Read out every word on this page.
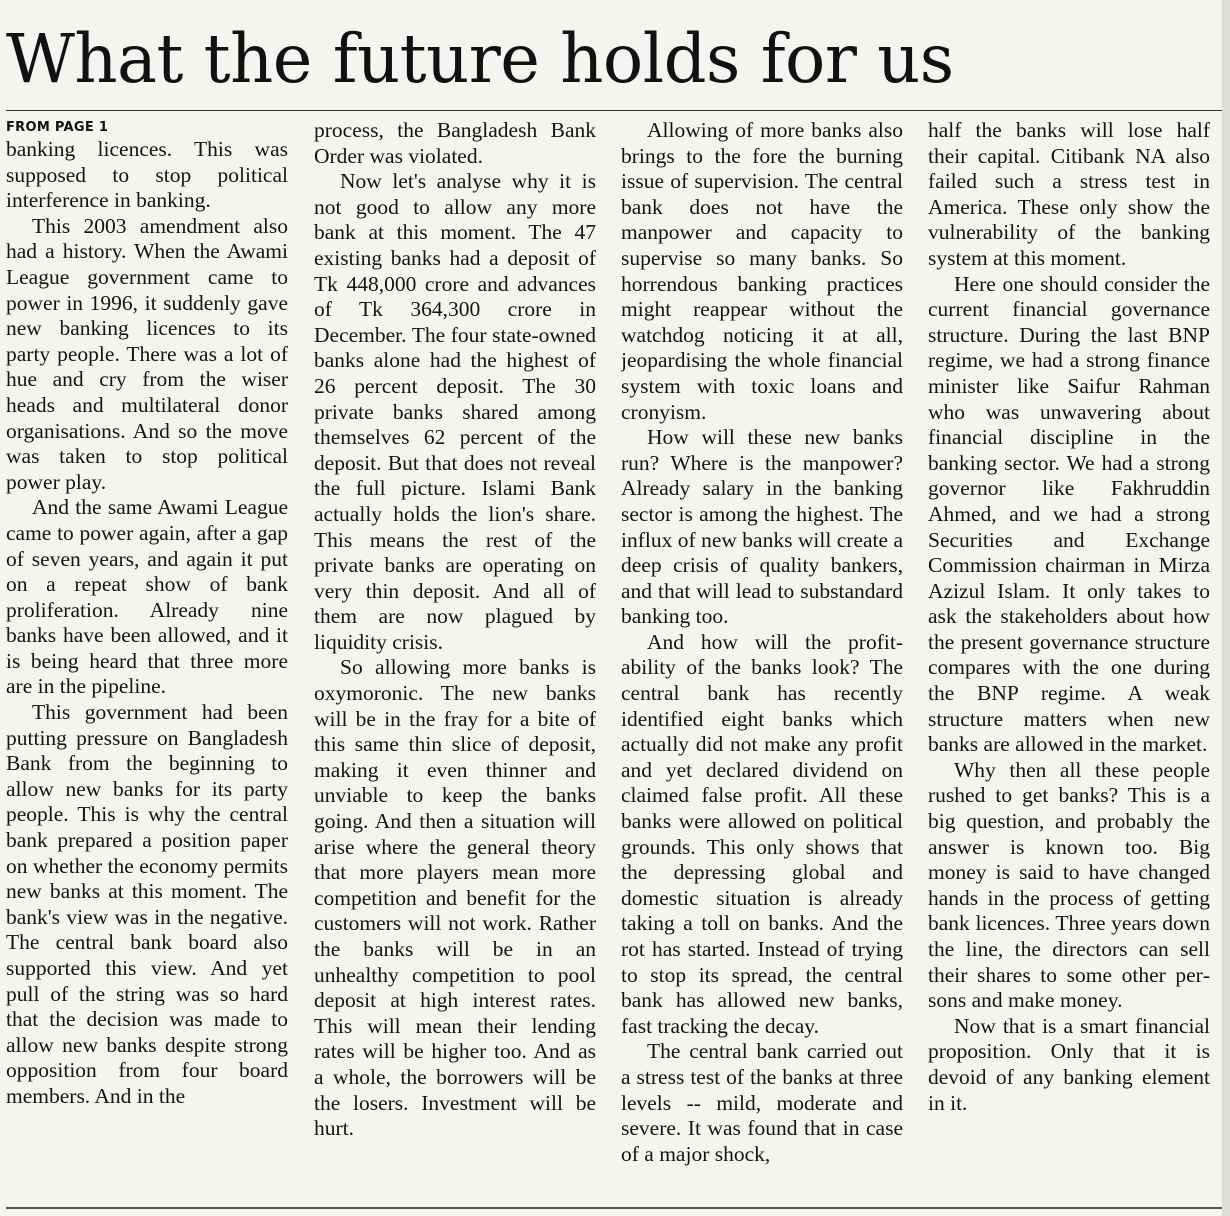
What the future holds for us
FROM PAGE 1

banking licences. This was supposed to stop political interference in banking.

This 2003 amendment also had a history. When the Awami League government came to power in 1996, it suddenly gave new banking licences to its party people. There was a lot of hue and cry from the wiser heads and multilateral donor organisations. And so the move was taken to stop political power play.

And the same Awami League came to power again, after a gap of seven years, and again it put on a repeat show of bank proliferation. Already nine banks have been allowed, and it is being heard that three more are in the pipeline.

This government had been putting pressure on Bangladesh Bank from the beginning to allow new banks for its party people. This is why the central bank prepared a position paper on whether the economy permits new banks at this moment. The bank's view was in the negative. The central bank board also supported this view. And yet pull of the string was so hard that the decision was made to allow new banks despite strong opposition from four board members. And in the

process, the Bangladesh Bank Order was violated.

Now let's analyse why it is not good to allow any more bank at this moment. The 47 existing banks had a deposit of Tk 448,000 crore and advances of Tk 364,300 crore in December. The four state-owned banks alone had the highest of 26 percent deposit. The 30 private banks shared among themselves 62 percent of the deposit. But that does not reveal the full picture. Islami Bank actually holds the lion's share. This means the rest of the private banks are operating on very thin deposit. And all of them are now plagued by liquidity crisis.

So allowing more banks is oxymoronic. The new banks will be in the fray for a bite of this same thin slice of deposit, making it even thinner and unviable to keep the banks going. And then a situation will arise where the general theory that more players mean more competition and benefit for the customers will not work. Rather the banks will be in an unhealthy competition to pool deposit at high interest rates. This will mean their lending rates will be higher too. And as a whole, the borrowers will be the losers. Investment will be hurt.

Allowing of more banks also brings to the fore the burning issue of supervision. The central bank does not have the manpower and capacity to supervise so many banks. So horrendous banking practices might reappear without the watchdog noticing it at all, jeopardising the whole financial system with toxic loans and cronyism.

How will these new banks run? Where is the manpower? Already salary in the banking sector is among the highest. The influx of new banks will create a deep crisis of quality bankers, and that will lead to substandard banking too.

And how will the profitability of the banks look? The central bank has recently identified eight banks which actually did not make any profit and yet declared dividend on claimed false profit. All these banks were allowed on political grounds. This only shows that the depressing global and domestic situation is already taking a toll on banks. And the rot has started. Instead of trying to stop its spread, the central bank has allowed new banks, fast tracking the decay.

The central bank carried out a stress test of the banks at three levels -- mild, moderate and severe. It was found that in case of a major shock,

half the banks will lose half their capital. Citibank NA also failed such a stress test in America. These only show the vulnerability of the banking system at this moment.

Here one should consider the current financial governance structure. During the last BNP regime, we had a strong finance minister like Saifur Rahman who was unwavering about financial discipline in the banking sector. We had a strong governor like Fakhruddin Ahmed, and we had a strong Securities and Exchange Commission chairman in Mirza Azizul Islam. It only takes to ask the stakeholders about how the present governance structure compares with the one during the BNP regime. A weak structure matters when new banks are allowed in the market.

Why then all these people rushed to get banks? This is a big question, and probably the answer is known too. Big money is said to have changed hands in the process of getting bank licences. Three years down the line, the directors can sell their shares to some other persons and make money.

Now that is a smart financial proposition. Only that it is devoid of any banking element in it.
